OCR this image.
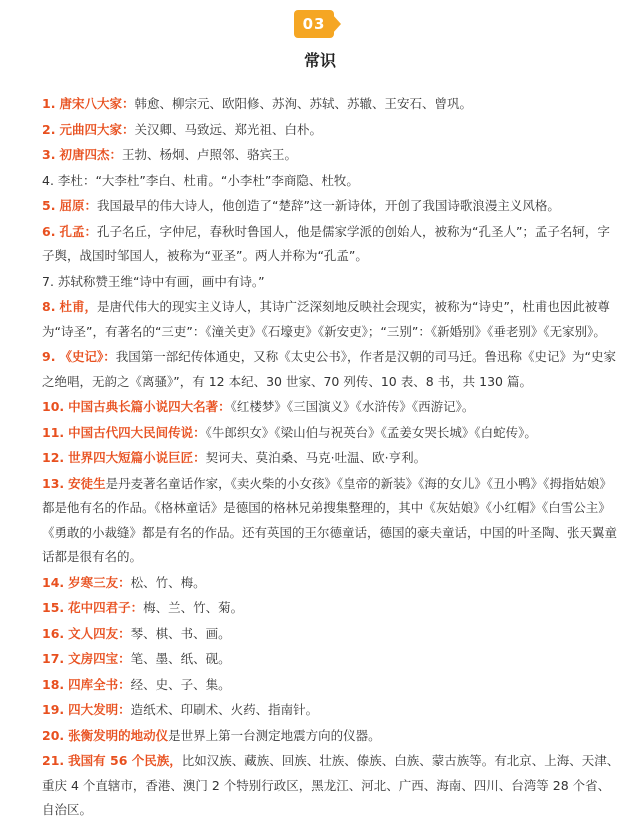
03
常识

1. 唐宋八大家：韩愈、柳宗元、欧阳修、苏洵、苏轼、苏辙、王安石、曾巩。

2. 元曲四大家：关汉卿、马致远、郑光祖、白朴。

3. 初唐四杰：王勃、杨炯、卢照邻、骆宾王。

4. 李杜：“大李杜”李白、杜甫。“小李杜”李商隐、杜牧。

5. 屈原：我国最早的伟大诗人，他创造了“楚辞”这一新诗体，开创了我国诗歌浪漫主义风格。

6. 孔孟：孔子名丘，字仲尼，春秋时鲁国人，他是儒家学派的创始人，被称为“孔圣人”；孟子名轲，字子舆，战国时邹国人，被称为“亚圣”。两人并称为“孔孟”。

7. 苏轼称赞王维“诗中有画，画中有诗。”

8. 杜甫，是唐代伟大的现实主义诗人，其诗广泛深刻地反映社会现实，被称为“诗史”，杜甫也因此被尊为“诗圣”，有著名的“三吏”：《潼关吏》《石壕吏》《新安吏》；“三别”：《新婚别》《垂老别》《无家别》。

9. 《史记》：我国第一部纪传体通史，又称《太史公书》，作者是汉朝的司马迁。鲁迅称《史记》为“史家之绝唱，无韵之《离骚》”，有 12 本纪、30 世家、70 列传、10 表、8 书，共 130 篇。

10. 中国古典长篇小说四大名著：《红楼梦》《三国演义》《水浒传》《西游记》。

11. 中国古代四大民间传说：《牛郎织女》《梁山伯与祝英台》《孟姜女哭长城》《白蛇传》。

12. 世界四大短篇小说巨匠：契诃夫、莫泊桑、马克·吐温、欧·亨利。

13. 安徒生是丹麦著名童话作家，《卖火柴的小女孩》《皇帝的新装》《海的女儿》《丑小鸭》《拇指姑娘》都是他有名的作品。《格林童话》是德国的格林兄弟搜集整理的，其中《灰姑娘》《小红帽》《白雪公主》《勇敢的小裁缝》都是有名的作品。还有英国的王尔德童话，德国的豪夫童话，中国的叶圣陶、张天翼童话都是很有名的。

14. 岁寒三友：松、竹、梅。

15. 花中四君子：梅、兰、竹、菊。

16. 文人四友：琴、棋、书、画。

17. 文房四宝：笔、墨、纸、砚。

18. 四库全书：经、史、子、集。

19. 四大发明：造纸术、印刷术、火药、指南针。

20. 张衡发明的地动仪是世界上第一台测定地震方向的仪器。

21. 我国有 56 个民族，比如汉族、藏族、回族、壮族、傣族、白族、蒙古族等。有北京、上海、天津、重庆 4 个直辖市，香港、澳门 2 个特别行政区，黑龙江、河北、广西、海南、四川、台湾等 28 个省、自治区。
